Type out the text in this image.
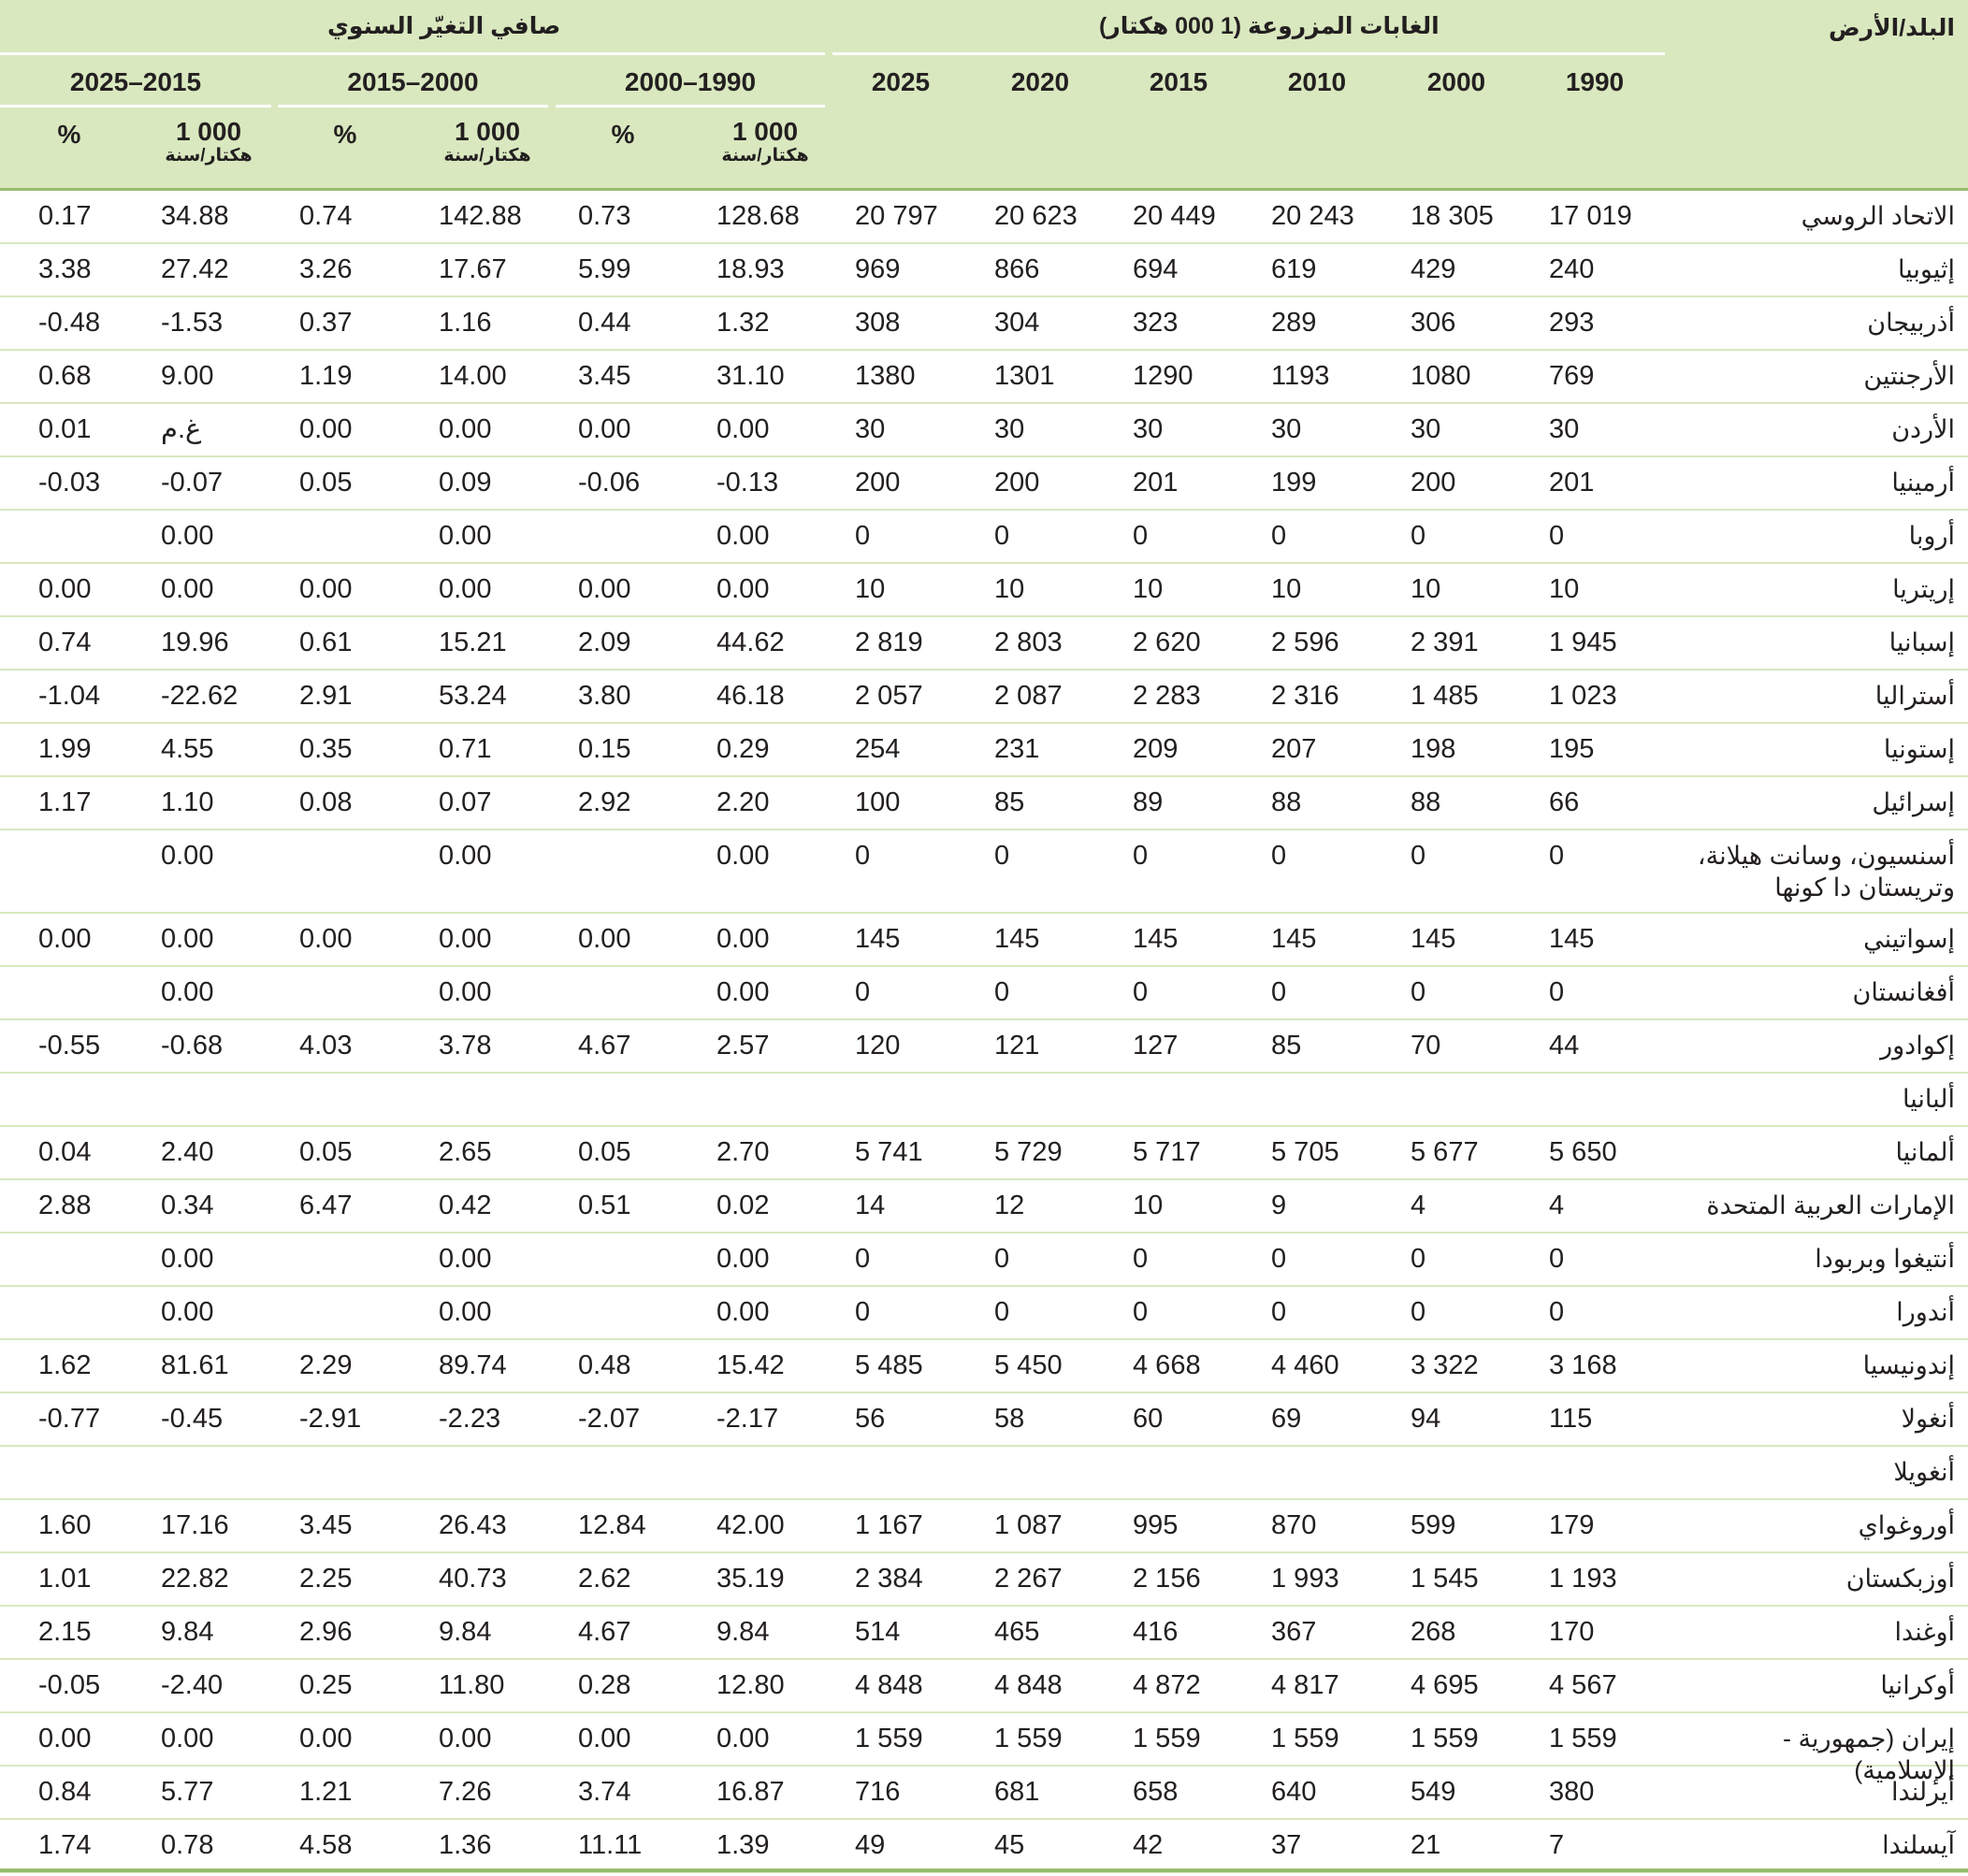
البلد/الأرض
الغابات المزروعة (1 000 هكتار)
صافي التغيّر السنوي
1990
2000
2010
2015
2020
2025
2000–1990
2015–2000
2025–2015
1 000
هكتار/سنة
1 000
هكتار/سنة
1 000
هكتار/سنة
%
%
%
الاتحاد الروسي
17 019
18 305
20 243
20 449
20 623
20 797
128.68
0.73
142.88
0.74
34.88
0.17
إثيوبيا
240
429
619
694
866
969
18.93
5.99
17.67
3.26
27.42
3.38
أذربيجان
293
306
289
323
304
308
1.32
0.44
1.16
0.37
-1.53
-0.48
الأرجنتين
769
1080
1193
1290
1301
1380
31.10
3.45
14.00
1.19
9.00
0.68
الأردن
30
30
30
30
30
30
0.00
0.00
0.00
0.00
غ.م
0.01
أرمينيا
201
200
199
201
200
200
-0.13
-0.06
0.09
0.05
-0.07
-0.03
أروبا
0
0
0
0
0
0
0.00
0.00
0.00
إريتريا
10
10
10
10
10
10
0.00
0.00
0.00
0.00
0.00
0.00
إسبانيا
1 945
2 391
2 596
2 620
2 803
2 819
44.62
2.09
15.21
0.61
19.96
0.74
أستراليا
1 023
1 485
2 316
2 283
2 087
2 057
46.18
3.80
53.24
2.91
-22.62
-1.04
إستونيا
195
198
207
209
231
254
0.29
0.15
0.71
0.35
4.55
1.99
إسرائيل
66
88
88
89
85
100
2.20
2.92
0.07
0.08
1.10
1.17
أسنسيون، وسانت هيلانة، وتريستان دا كونها
0
0
0
0
0
0
0.00
0.00
0.00
إسواتيني
145
145
145
145
145
145
0.00
0.00
0.00
0.00
0.00
0.00
أفغانستان
0
0
0
0
0
0
0.00
0.00
0.00
إكوادور
44
70
85
127
121
120
2.57
4.67
3.78
4.03
-0.68
-0.55
ألبانيا
ألمانيا
5 650
5 677
5 705
5 717
5 729
5 741
2.70
0.05
2.65
0.05
2.40
0.04
الإمارات العربية المتحدة
4
4
9
10
12
14
0.02
0.51
0.42
6.47
0.34
2.88
أنتيغوا وبربودا
0
0
0
0
0
0
0.00
0.00
0.00
أندورا
0
0
0
0
0
0
0.00
0.00
0.00
إندونيسيا
3 168
3 322
4 460
4 668
5 450
5 485
15.42
0.48
89.74
2.29
81.61
1.62
أنغولا
115
94
69
60
58
56
-2.17
-2.07
-2.23
-2.91
-0.45
-0.77
أنغويلا
أوروغواي
179
599
870
995
1 087
1 167
42.00
12.84
26.43
3.45
17.16
1.60
أوزبكستان
1 193
1 545
1 993
2 156
2 267
2 384
35.19
2.62
40.73
2.25
22.82
1.01
أوغندا
170
268
367
416
465
514
9.84
4.67
9.84
2.96
9.84
2.15
أوكرانيا
4 567
4 695
4 817
4 872
4 848
4 848
12.80
0.28
11.80
0.25
-2.40
-0.05
إيران (جمهورية - الإسلامية)
1 559
1 559
1 559
1 559
1 559
1 559
0.00
0.00
0.00
0.00
0.00
0.00
أيرلندا
380
549
640
658
681
716
16.87
3.74
7.26
1.21
5.77
0.84
آيسلندا
7
21
37
42
45
49
1.39
11.11
1.36
4.58
0.78
1.74
